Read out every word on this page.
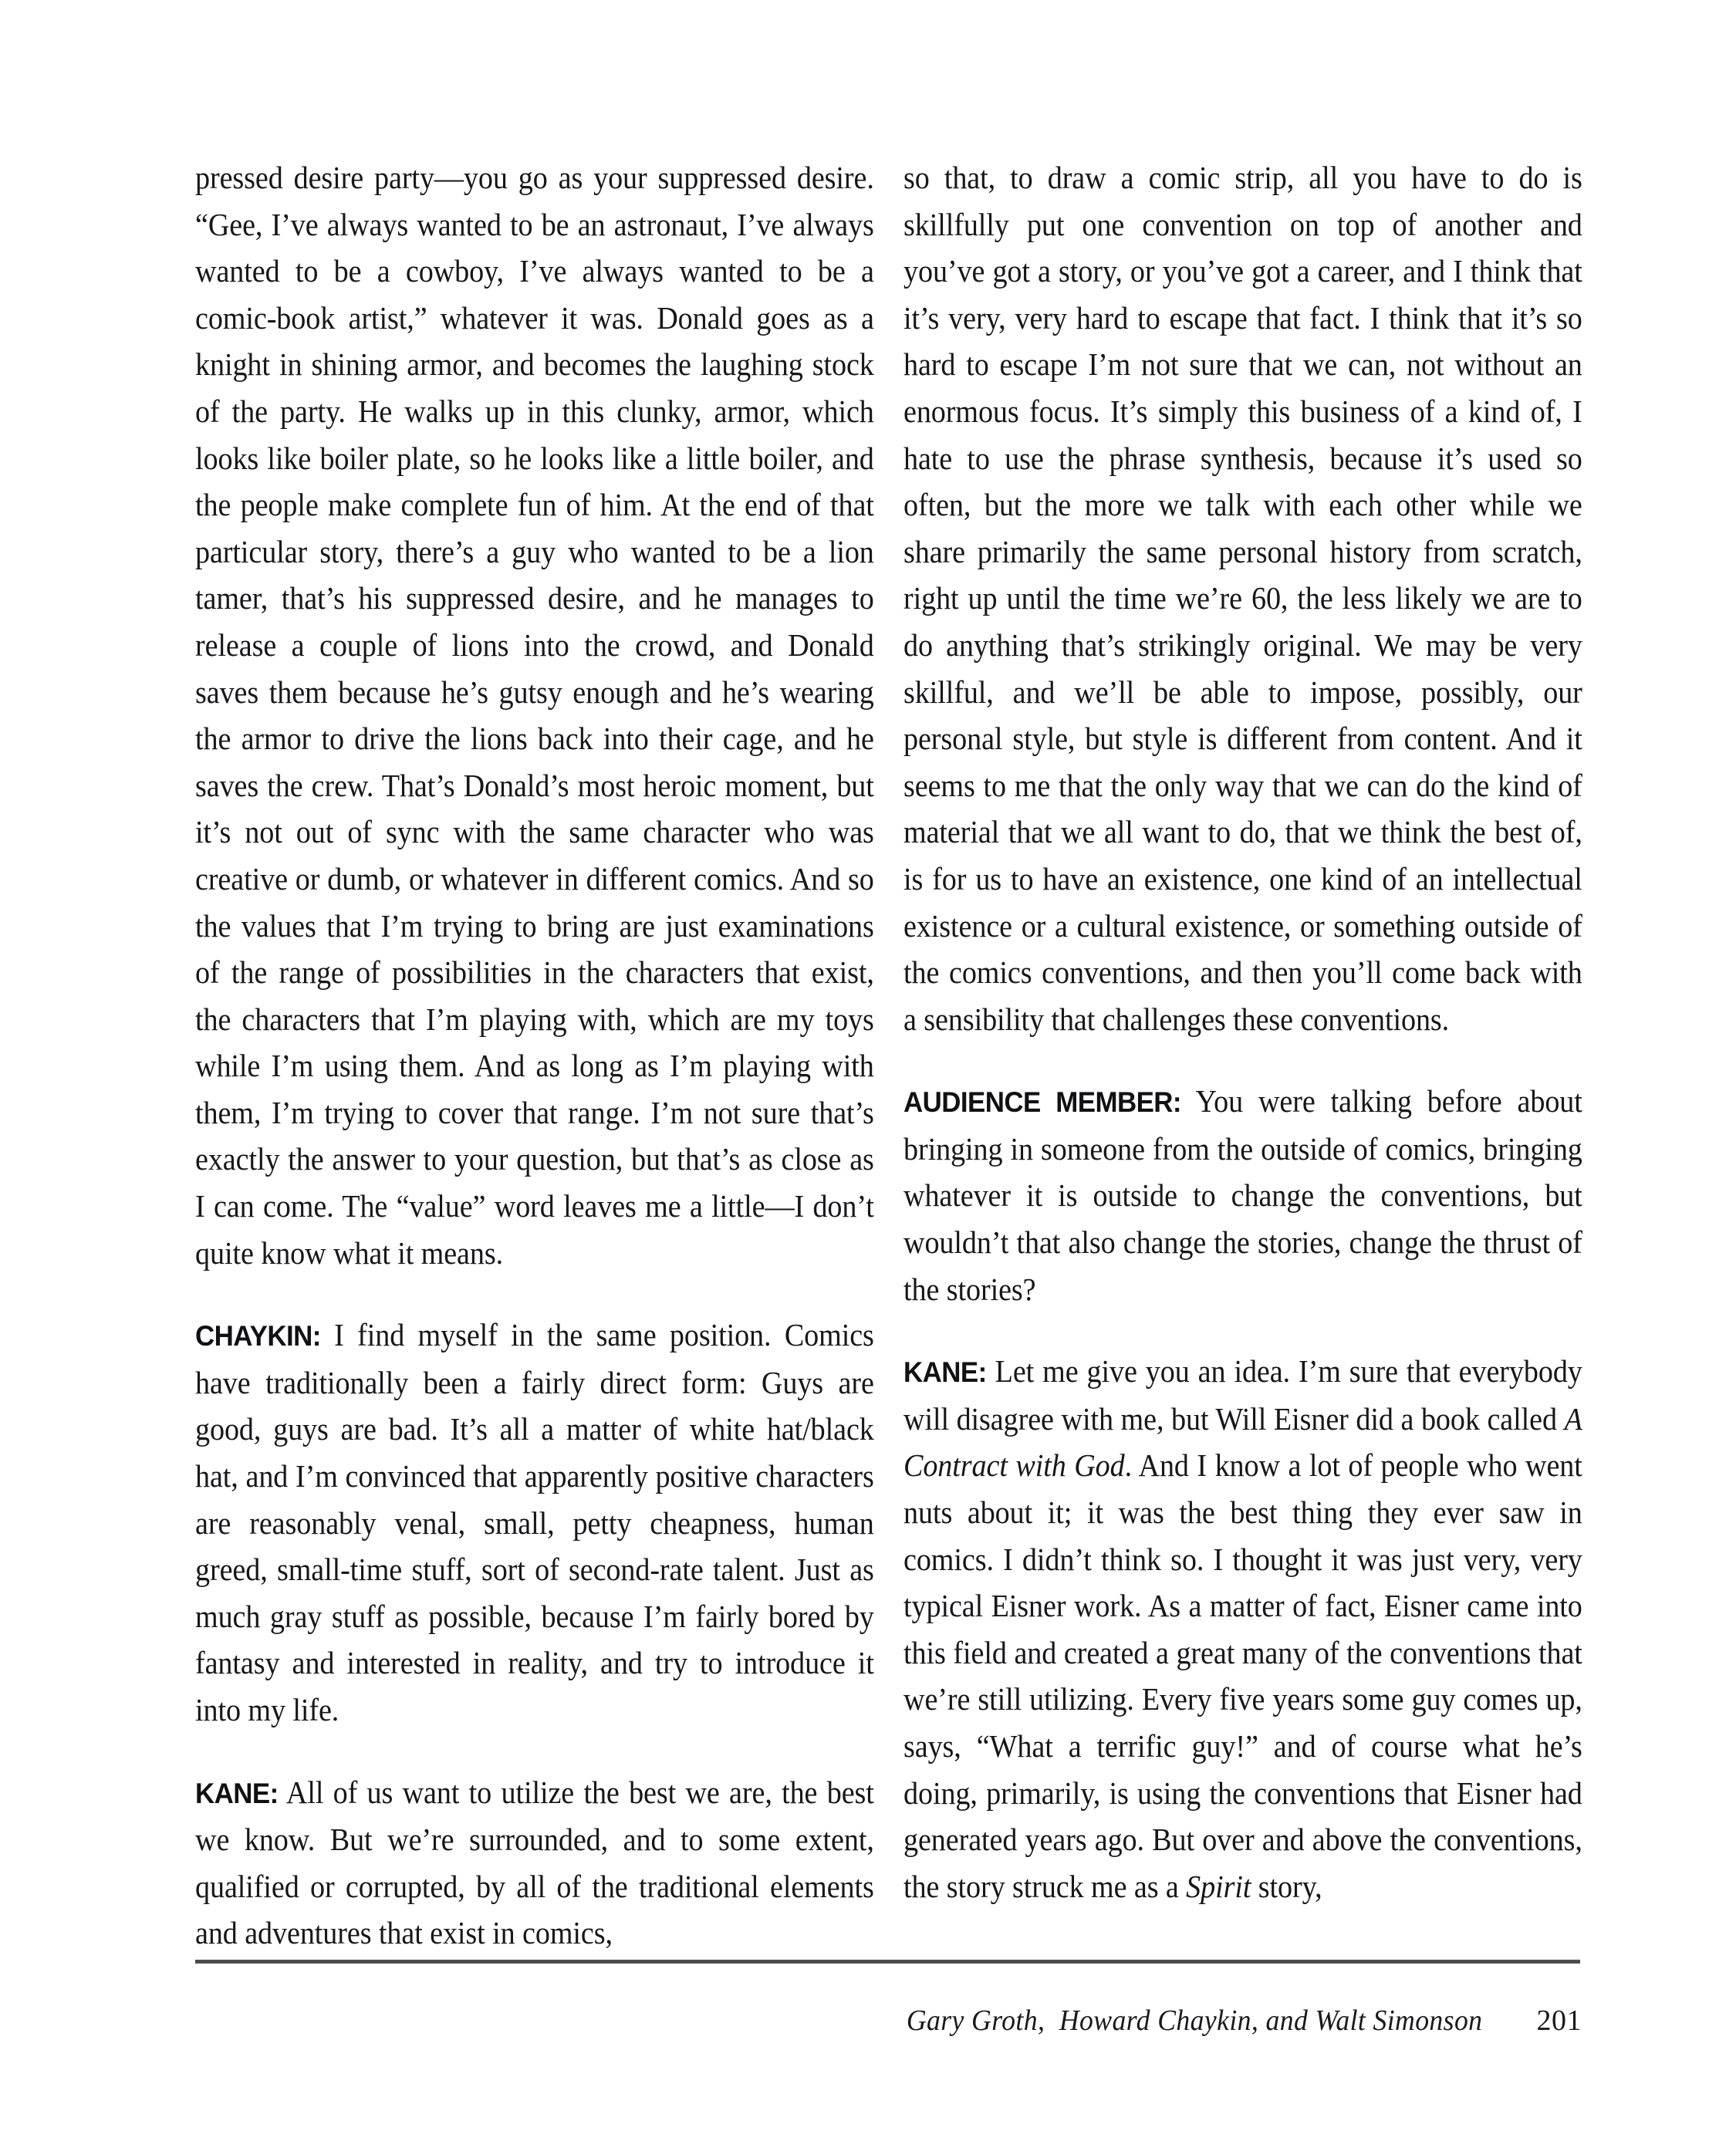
pressed desire party—you go as your suppressed desire. “Gee, I’ve always wanted to be an astronaut, I’ve always wanted to be a cowboy, I’ve always wanted to be a comic-book artist,” whatever it was. Donald goes as a knight in shining armor, and becomes the laughing stock of the party. He walks up in this clunky, armor, which looks like boiler plate, so he looks like a little boiler, and the people make complete fun of him. At the end of that particular story, there’s a guy who wanted to be a lion tamer, that’s his suppressed desire, and he manages to release a couple of lions into the crowd, and Donald saves them because he’s gutsy enough and he’s wearing the armor to drive the lions back into their cage, and he saves the crew. That’s Donald’s most heroic moment, but it’s not out of sync with the same character who was creative or dumb, or whatever in different comics. And so the values that I’m trying to bring are just examinations of the range of possibilities in the characters that exist, the characters that I’m playing with, which are my toys while I’m using them. And as long as I’m playing with them, I’m trying to cover that range. I’m not sure that’s exactly the answer to your question, but that’s as close as I can come. The “value” word leaves me a little—I don’t quite know what it means.

CHAYKIN: I find myself in the same position. Comics have traditionally been a fairly direct form: Guys are good, guys are bad. It’s all a matter of white hat/black hat, and I’m convinced that apparently positive characters are reasonably venal, small, petty cheapness, human greed, small-time stuff, sort of second-rate talent. Just as much gray stuff as possible, because I’m fairly bored by fantasy and interested in reality, and try to introduce it into my life.

KANE: All of us want to utilize the best we are, the best we know. But we’re surrounded, and to some extent, qualified or corrupted, by all of the traditional elements and adventures that exist in comics,

so that, to draw a comic strip, all you have to do is skillfully put one convention on top of another and you’ve got a story, or you’ve got a career, and I think that it’s very, very hard to escape that fact. I think that it’s so hard to escape I’m not sure that we can, not without an enormous focus. It’s simply this business of a kind of, I hate to use the phrase synthesis, because it’s used so often, but the more we talk with each other while we share primarily the same personal history from scratch, right up until the time we’re 60, the less likely we are to do anything that’s strikingly original. We may be very skillful, and we’ll be able to impose, possibly, our personal style, but style is different from content. And it seems to me that the only way that we can do the kind of material that we all want to do, that we think the best of, is for us to have an existence, one kind of an intellectual existence or a cultural existence, or something outside of the comics conventions, and then you’ll come back with a sensibility that challenges these conventions.

AUDIENCE MEMBER: You were talking before about bringing in someone from the outside of comics, bringing whatever it is outside to change the conventions, but wouldn’t that also change the stories, change the thrust of the stories?

KANE: Let me give you an idea. I’m sure that everybody will disagree with me, but Will Eisner did a book called A Contract with God. And I know a lot of people who went nuts about it; it was the best thing they ever saw in comics. I didn’t think so. I thought it was just very, very typical Eisner work. As a matter of fact, Eisner came into this field and created a great many of the conventions that we’re still utilizing. Every five years some guy comes up, says, “What a terrific guy!” and of course what he’s doing, primarily, is using the conventions that Eisner had generated years ago. But over and above the conventions, the story struck me as a Spirit story,

Gary Groth,  Howard Chaykin, and Walt Simonson 201
